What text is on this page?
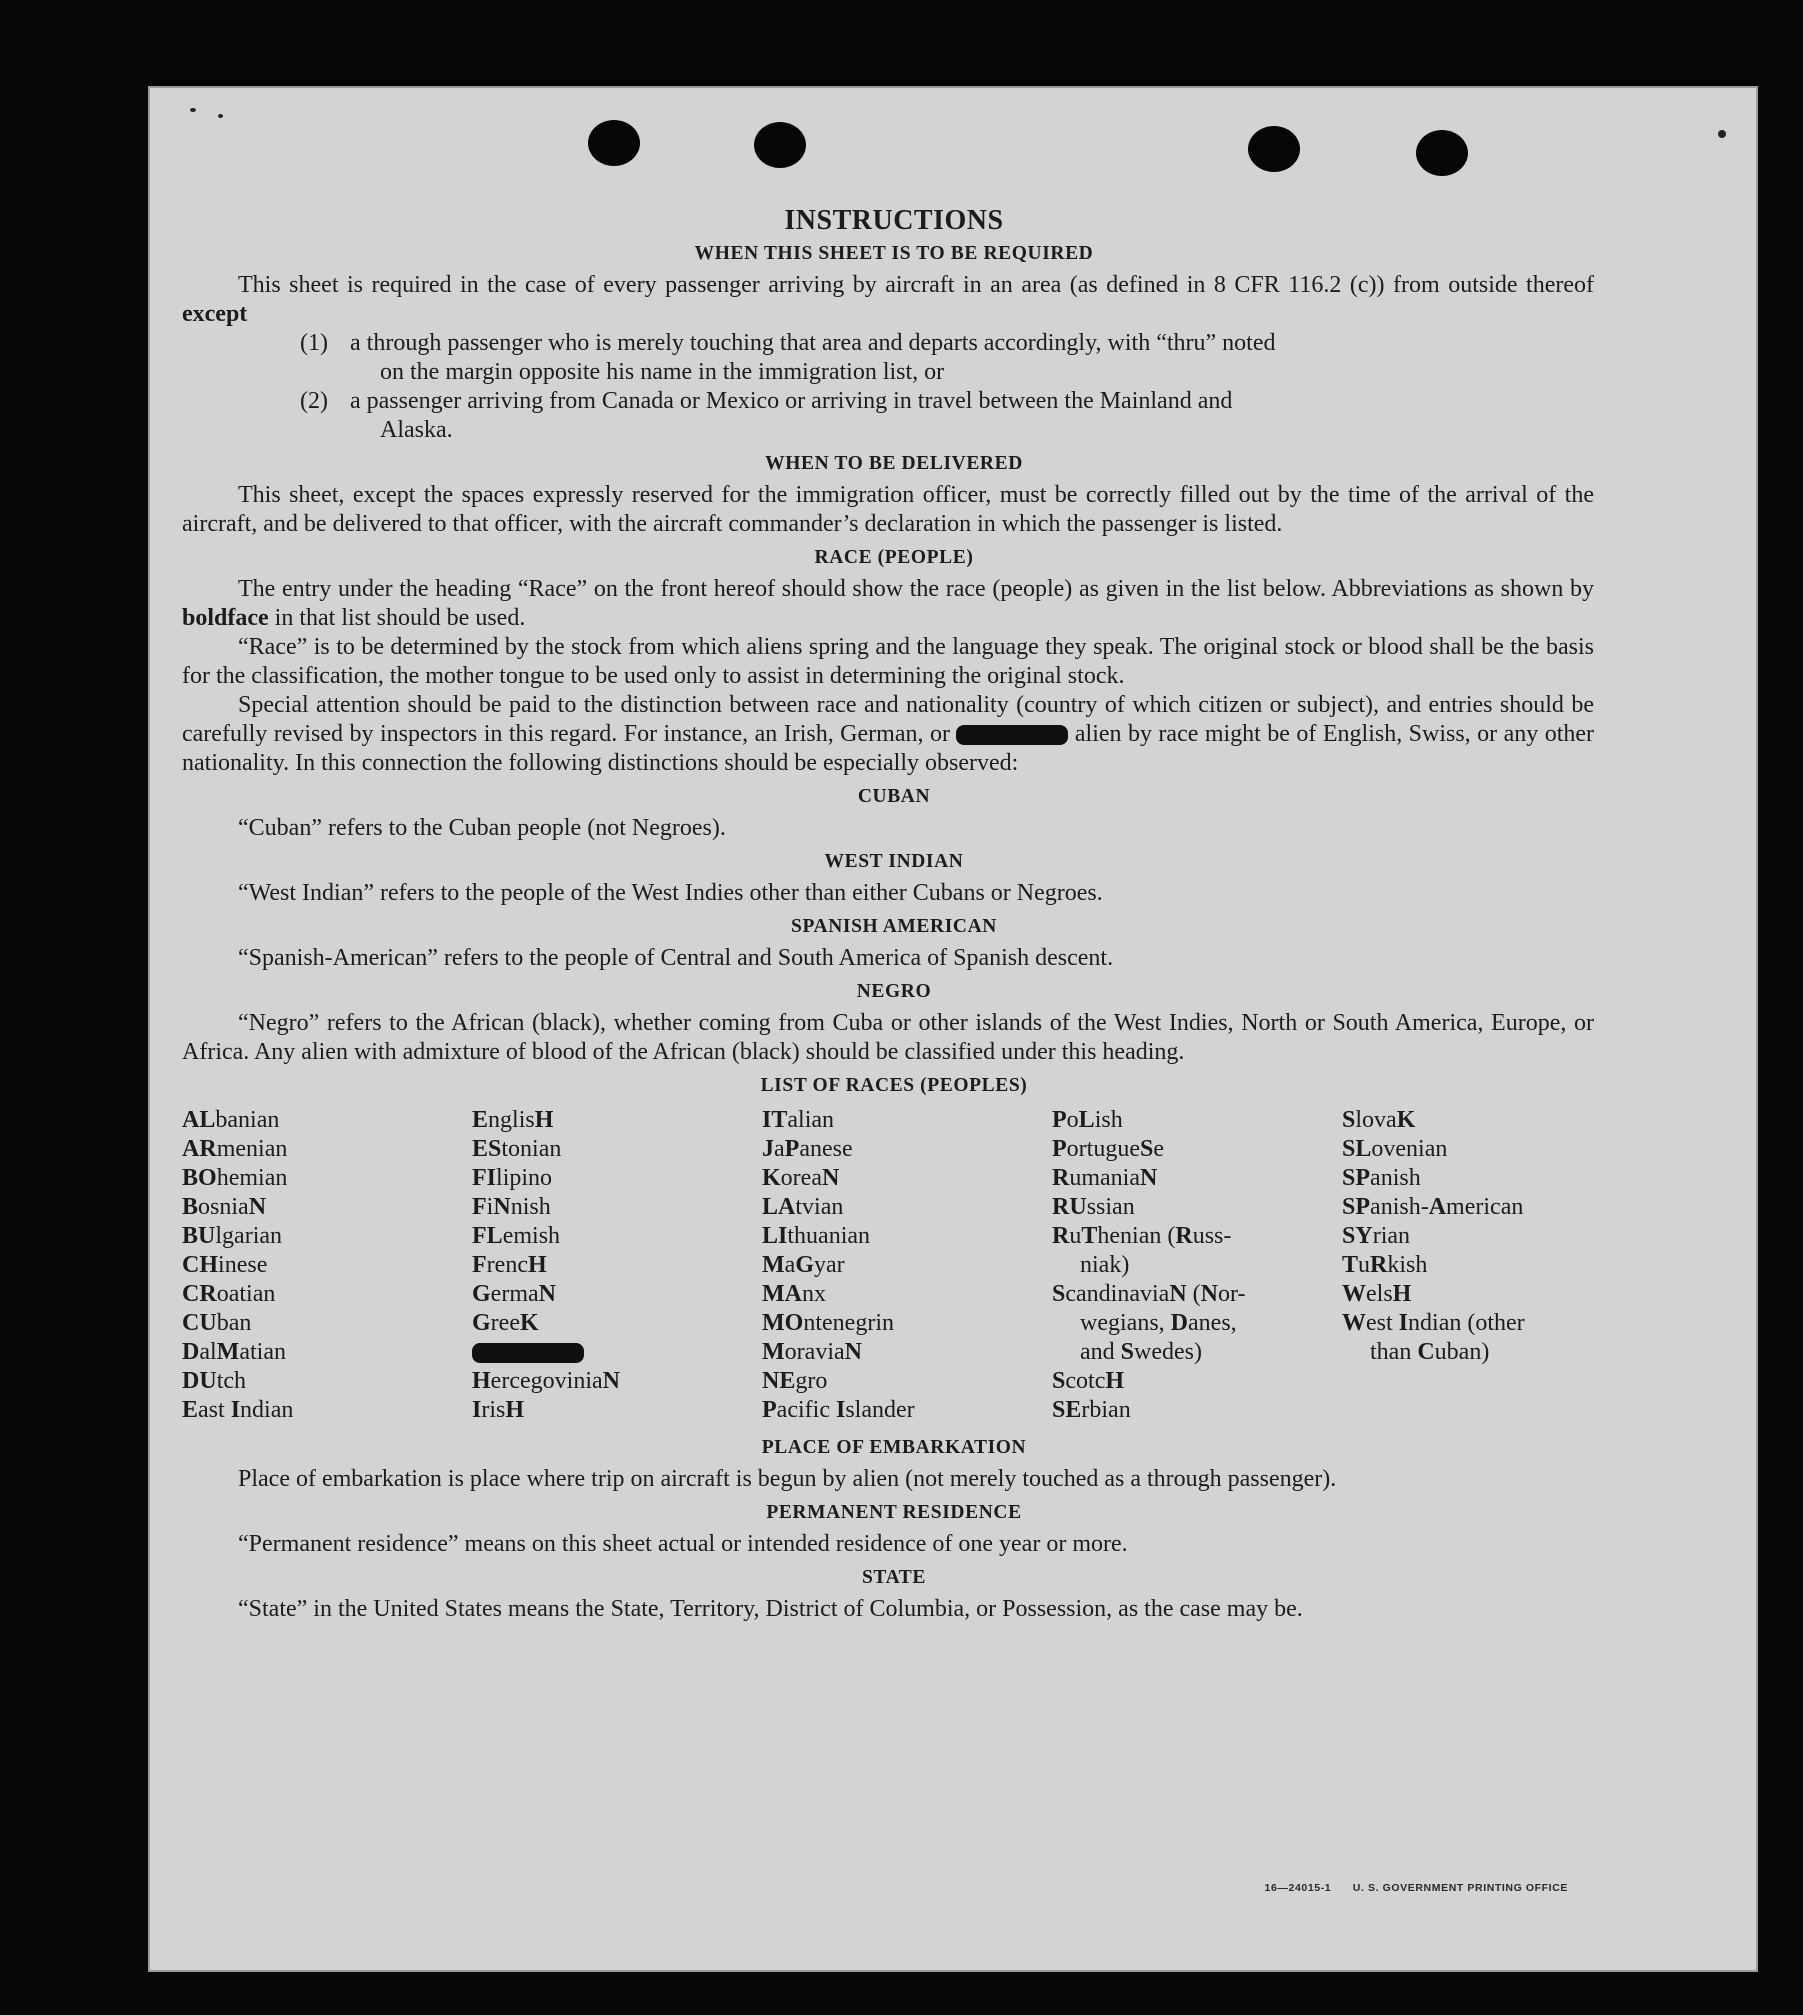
INSTRUCTIONS
WHEN THIS SHEET IS TO BE REQUIRED

This sheet is required in the case of every passenger arriving by aircraft in an area (as defined in 8 CFR 116.2 (c)) from outside thereof except

(1) a through passenger who is merely touching that area and departs accordingly, with “thru” noted
on the margin opposite his name in the immigration list, or
(2) a passenger arriving from Canada or Mexico or arriving in travel between the Mainland and
Alaska.
WHEN TO BE DELIVERED

This sheet, except the spaces expressly reserved for the immigration officer, must be correctly filled out by the time of the arrival of the aircraft, and be delivered to that officer, with the aircraft commander’s declaration in which the passenger is listed.

RACE (PEOPLE)

The entry under the heading “Race” on the front hereof should show the race (people) as given in the list below. Abbreviations as shown by boldface in that list should be used.

“Race” is to be determined by the stock from which aliens spring and the language they speak. The original stock or blood shall be the basis for the classification, the mother tongue to be used only to assist in determining the original stock.

Special attention should be paid to the distinction between race and nationality (country of which citizen or subject), and entries should be carefully revised by inspectors in this regard. For instance, an Irish, German, or	alien by race might be of English, Swiss, or any other nationality. In this connection the following distinctions should be especially observed:

CUBAN

“Cuban” refers to the Cuban people (not Negroes).

WEST INDIAN

“West Indian” refers to the people of the West Indies other than either Cubans or Negroes.

SPANISH AMERICAN

“Spanish-American” refers to the people of Central and South America of Spanish descent.

NEGRO

“Negro” refers to the African (black), whether coming from Cuba or other islands of the West Indies, North or South America, Europe, or Africa. Any alien with admixture of blood of the African (black) should be classified under this heading.

LIST OF RACES (PEOPLES)
ALbanian
ARmenian
BOhemian
BosniaN
BUlgarian
CHinese
CRoatian
CUban
DalMatian
DUtch
East Indian
EnglisH
EStonian
FIlipino
FiNnish
FLemish
FrencH
GermaN
GreeK
HercegoviniaN
IrisH
ITalian
JaPanese
KoreaN
LAtvian
LIthuanian
MaGyar
MAnx
MOntenegrin
MoraviaN
NEgro
Pacific Islander
PoLish
PortugueSe
RumaniaN
RUssian
RuThenian (Russ-
niak)
ScandinaviaN (Nor-
wegians, Danes,
and Swedes)
ScotcH
SErbian
SlovaK
SLovenian
SPanish
SPanish-American
SYrian
TuRkish
WelsH
West Indian (other
than Cuban)
PLACE OF EMBARKATION

Place of embarkation is place where trip on aircraft is begun by alien (not merely touched as a through passenger).

PERMANENT RESIDENCE

“Permanent residence” means on this sheet actual or intended residence of one year or more.

STATE

“State” in the United States means the State, Territory, District of Columbia, or Possession, as the case may be.

16—24015-1 U. S. GOVERNMENT PRINTING OFFICE
